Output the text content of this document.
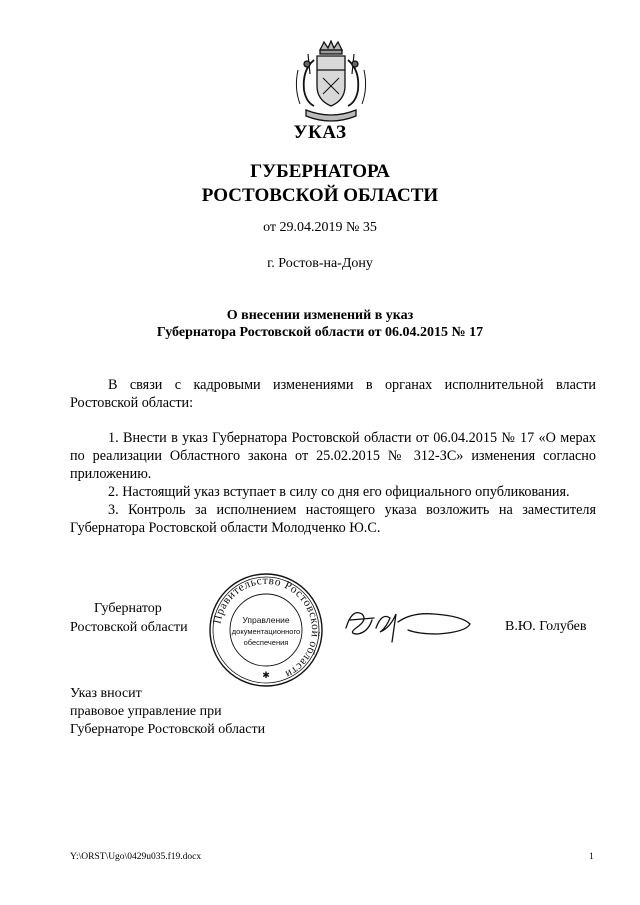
УКАЗ
ГУБЕРНАТОРА
РОСТОВСКОЙ ОБЛАСТИ
от 29.04.2019 № 35
г. Ростов-на-Дону
О внесении изменений в указ
Губернатора Ростовской области от 06.04.2015 № 17
В связи с кадровыми изменениями в органах исполнительной власти Ростовской области:

1. Внести в указ Губернатора Ростовской области от 06.04.2015 № 17 «О мерах по реализации Областного закона от 25.02.2015 № 312-ЗС» изменения согласно приложению.

2. Настоящий указ вступает в силу со дня его официального опубликования.

3. Контроль за исполнением настоящего указа возложить на заместителя Губернатора Ростовской области Молодченко Ю.С.

Губернатор
Ростовской области
Правительство Ростовской области
✱
Управление
документационного
обеспечения
В.Ю. Голубев
Указ вносит
правовое управление при
Губернаторе Ростовской области
Y:\ORST\Ugo\0429u035.f19.docx	1
